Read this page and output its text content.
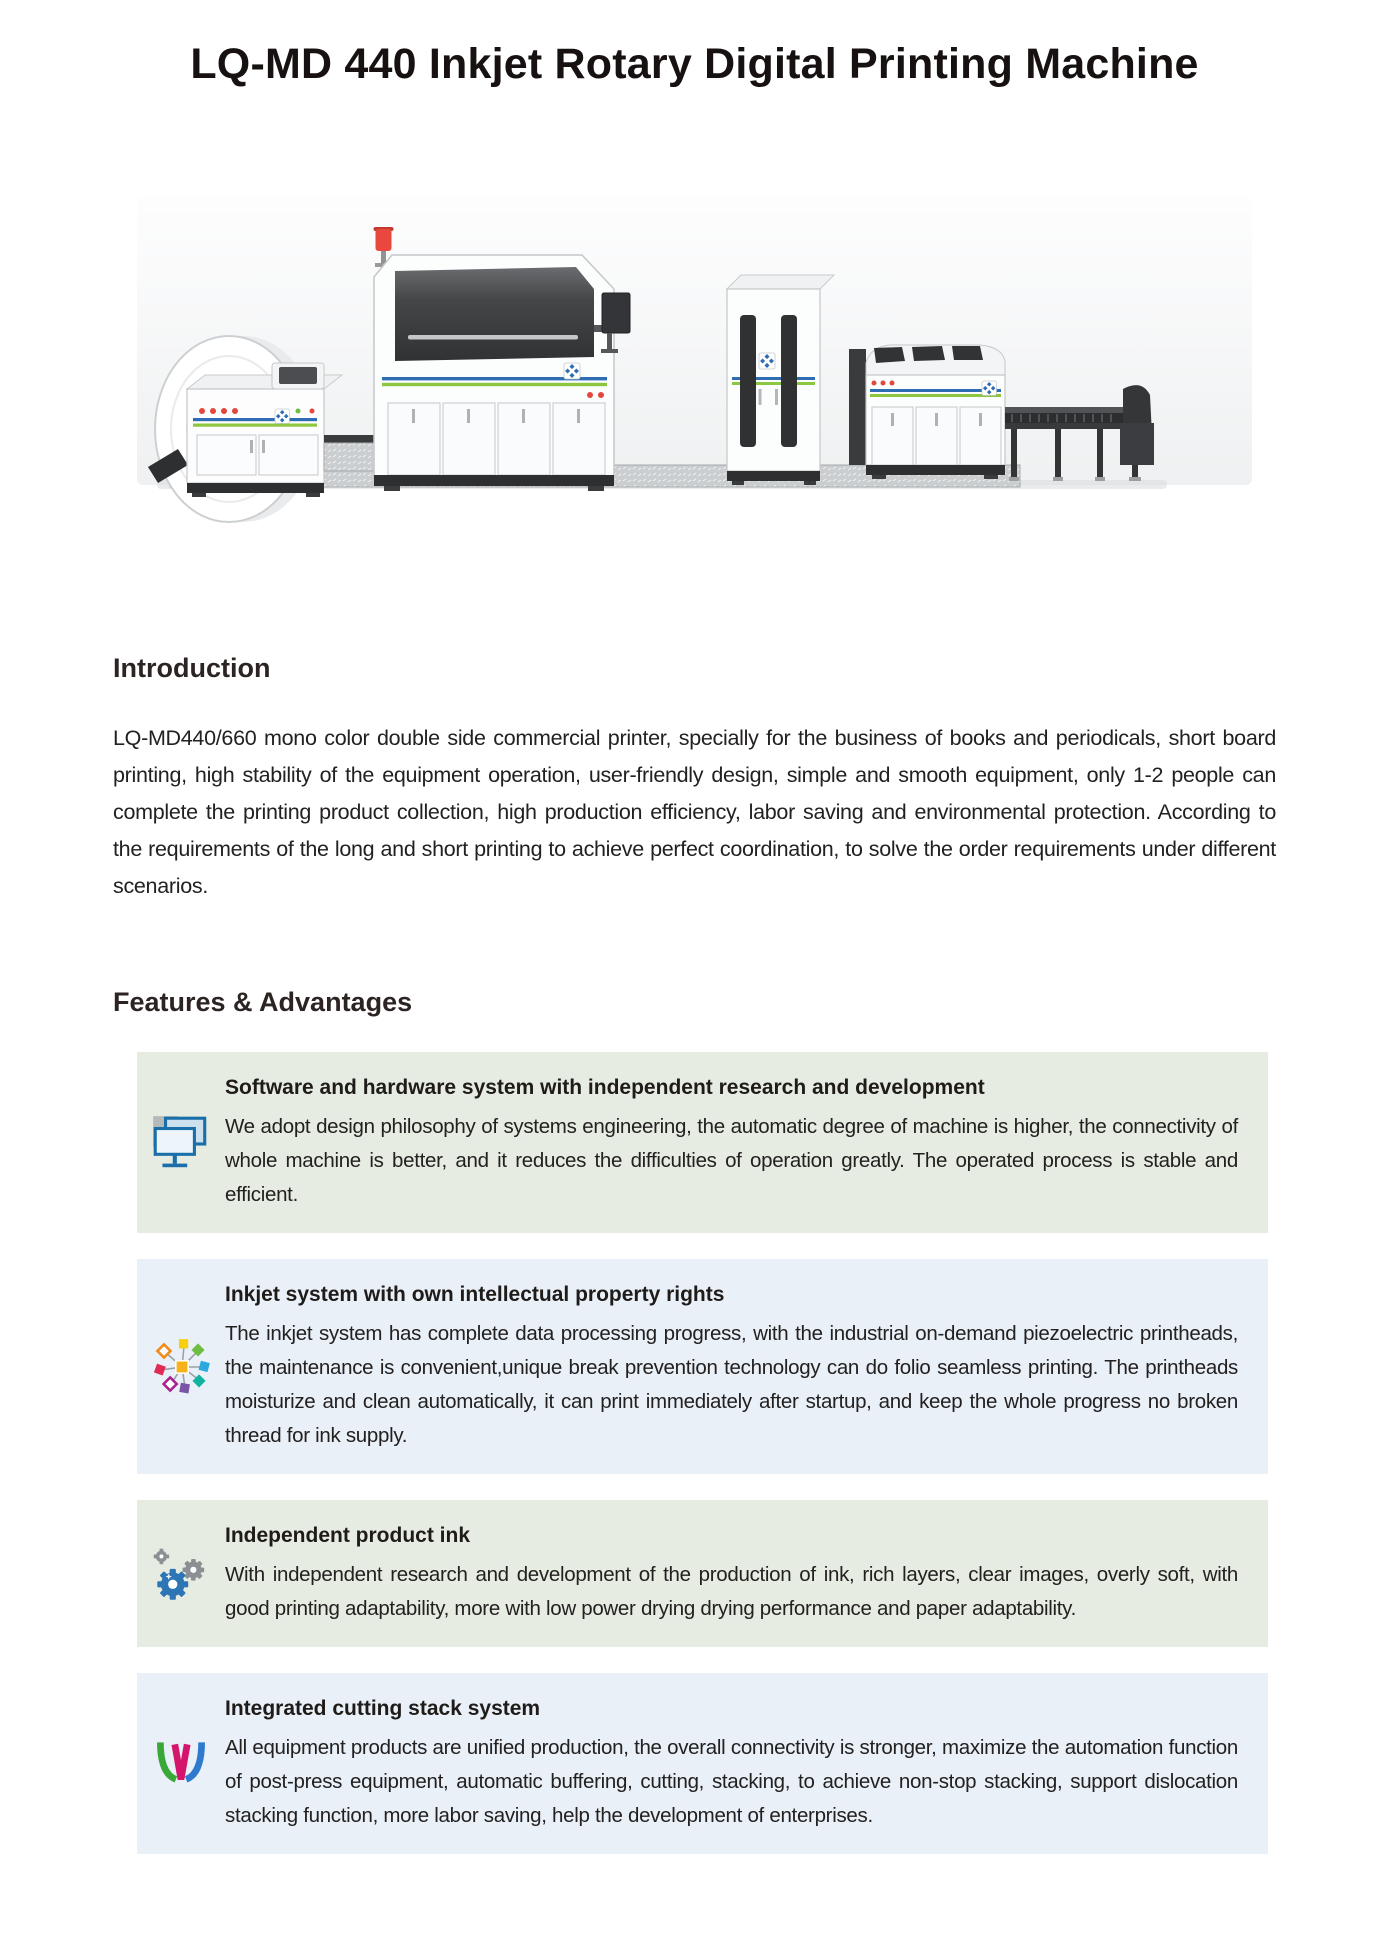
LQ-MD 440 Inkjet Rotary Digital Printing Machine
Introduction

LQ-MD440/660 mono color double side commercial printer, specially for the business of books and periodicals, short board printing, high stability of the equipment operation, user-friendly design, simple and smooth equipment, only 1-2 people can complete the printing product collection, high production efficiency, labor saving and environmental protection. According to the requirements of the long and short printing to achieve perfect coordination, to solve the order requirements under different scenarios.

Features & Advantages
Software and hardware system with independent research and development

We adopt design philosophy of systems engineering, the automatic degree of machine is higher, the connectivity of whole machine is better, and it reduces the difficulties of operation greatly. The operated process is stable and efficient.

Inkjet system with own intellectual property rights

The inkjet system has complete data processing progress, with the industrial on-demand piezoelectric printheads, the maintenance is convenient,unique break prevention technology can do folio seamless printing. The printheads moisturize and clean automatically, it can print immediately after startup, and keep the whole progress no broken thread for ink supply.

Independent product ink

With independent research and development of the production of ink, rich layers, clear images, overly soft, with good printing adaptability, more with low power drying drying performance and paper adaptability.

Integrated cutting stack system

All equipment products are unified production, the overall connectivity is stronger, maximize the automation function of post-press equipment, automatic buffering, cutting, stacking, to achieve non-stop stacking, support dislocation stacking function, more labor saving, help the development of enterprises.
